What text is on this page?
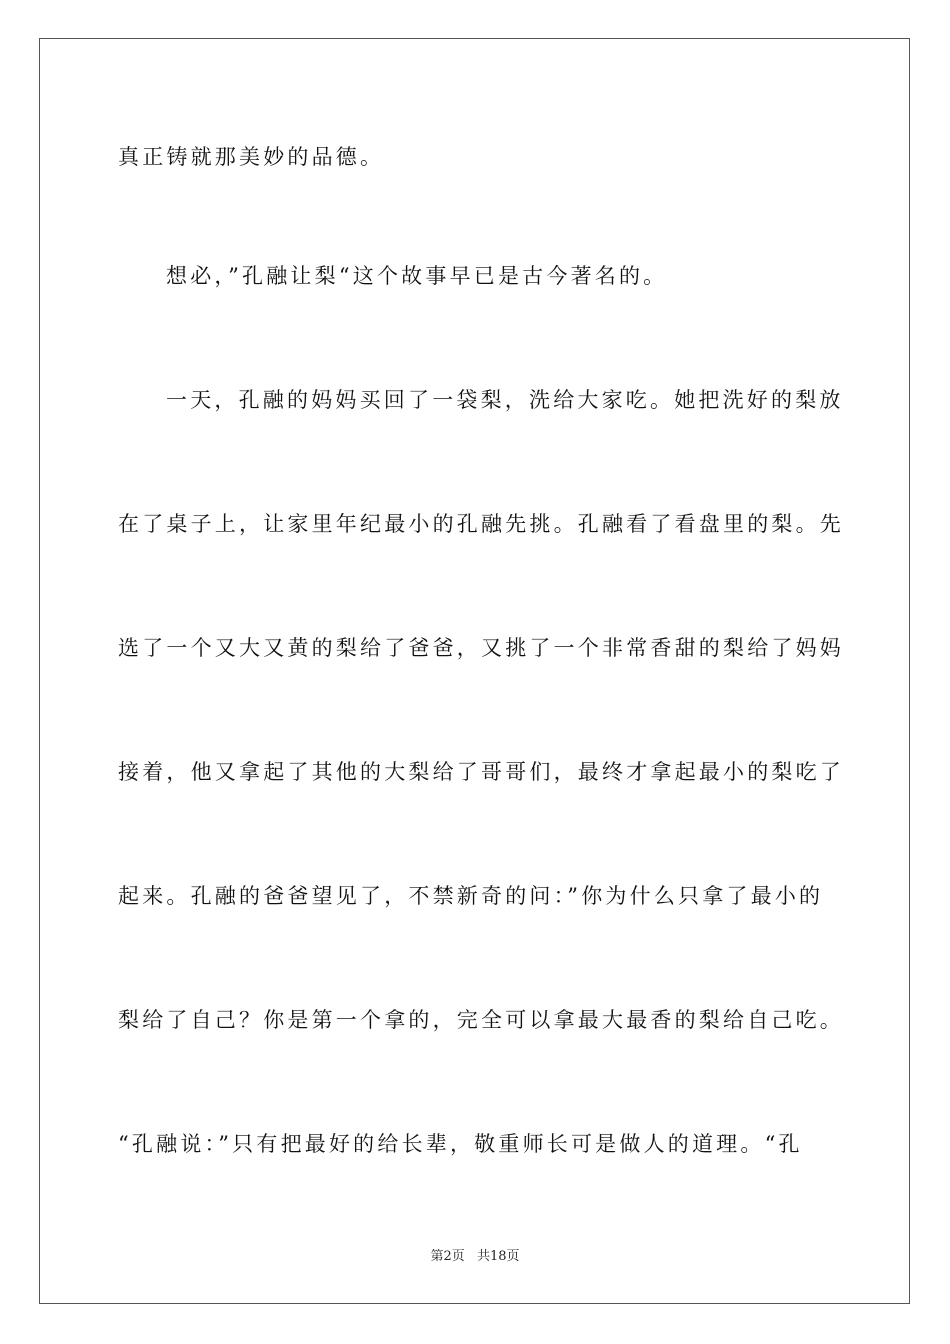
真正铸就那美妙的品德。
想必，”孔融让梨“这个故事早已是古今著名的。
一天，孔融的妈妈买回了一袋梨，洗给大家吃。她把洗好的梨放
在了桌子上，让家里年纪最小的孔融先挑。孔融看了看盘里的梨。先
选了一个又大又黄的梨给了爸爸，又挑了一个非常香甜的梨给了妈妈
接着，他又拿起了其他的大梨给了哥哥们，最终才拿起最小的梨吃了
起来。孔融的爸爸望见了，不禁新奇的问：”你为什么只拿了最小的
梨给了自己？你是第一个拿的，完全可以拿最大最香的梨给自己吃。
“孔融说：”只有把最好的给长辈，敬重师长可是做人的道理。“孔
第2页 共18页
